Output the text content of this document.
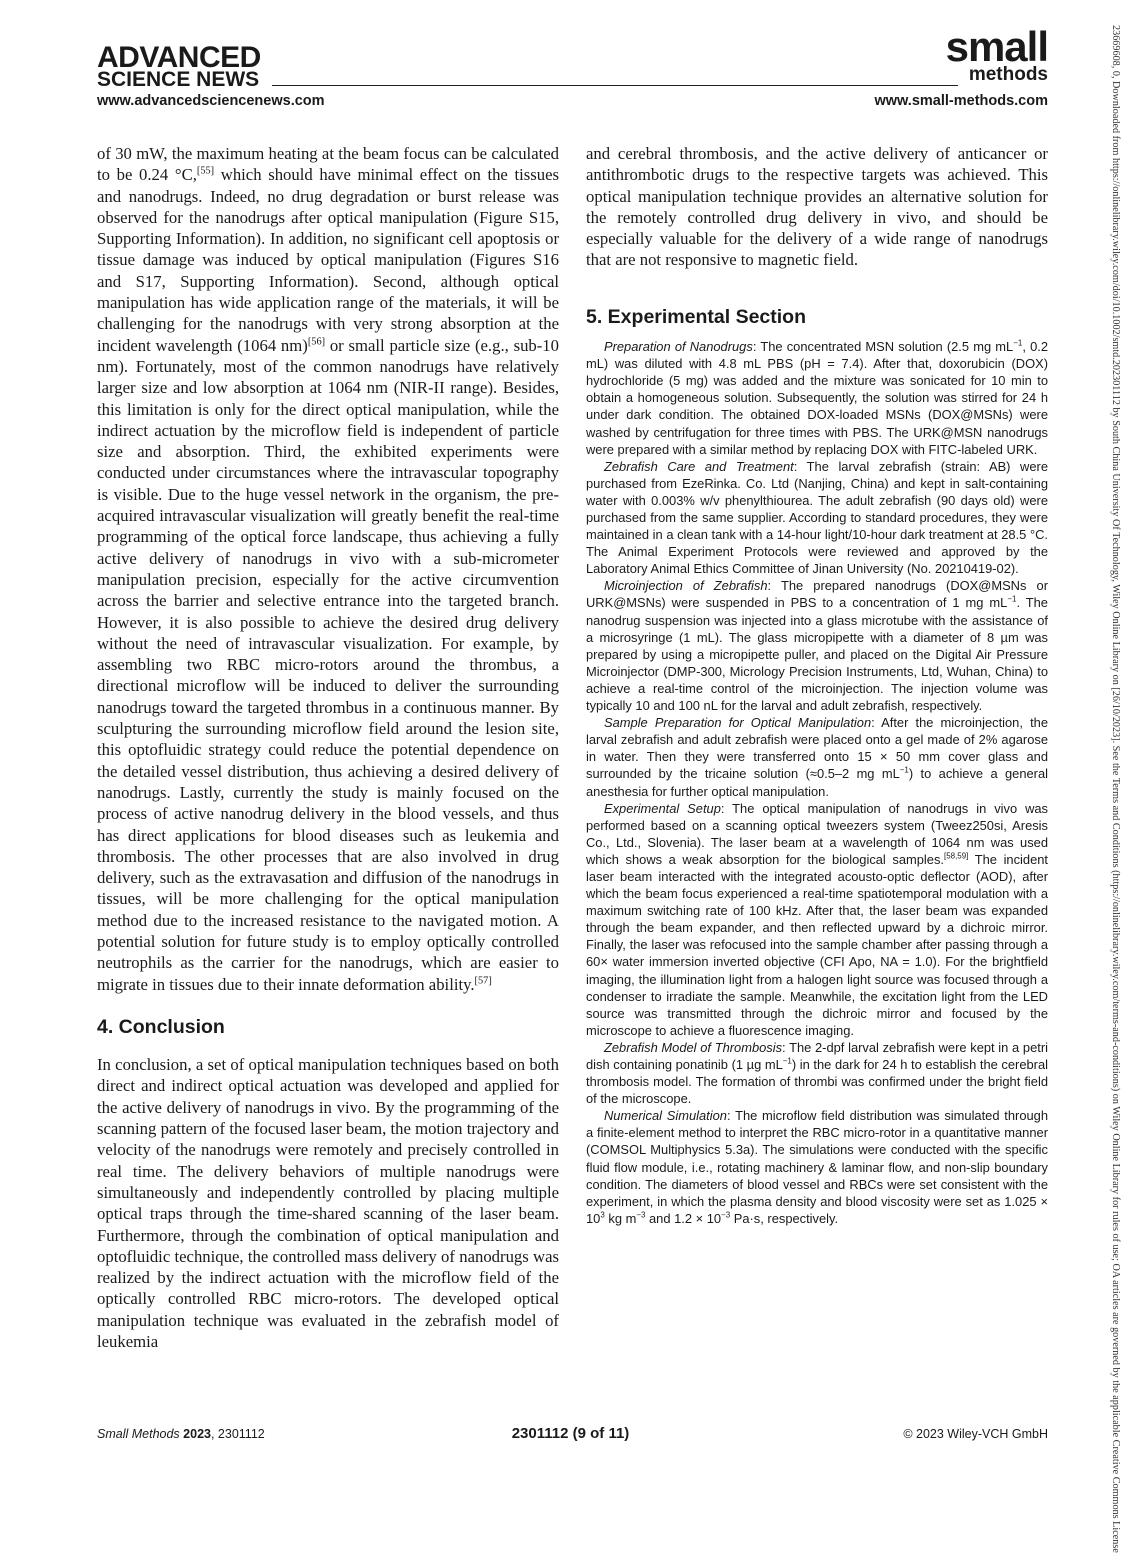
ADVANCED
SCIENCE NEWS
small
methods
www.advancedsciencenews.com	www.small-methods.com

of 30 mW, the maximum heating at the beam focus can be calculated to be 0.24 °C,[55] which should have minimal effect on the tissues and nanodrugs. Indeed, no drug degradation or burst release was observed for the nanodrugs after optical manipulation (Figure S15, Supporting Information). In addition, no significant cell apoptosis or tissue damage was induced by optical manipulation (Figures S16 and S17, Supporting Information). Second, although optical manipulation has wide application range of the materials, it will be challenging for the nanodrugs with very strong absorption at the incident wavelength (1064 nm)[56] or small particle size (e.g., sub-10 nm). Fortunately, most of the common nanodrugs have relatively larger size and low absorption at 1064 nm (NIR-II range). Besides, this limitation is only for the direct optical manipulation, while the indirect actuation by the microflow field is independent of particle size and absorption. Third, the exhibited experiments were conducted under circumstances where the intravascular topography is visible. Due to the huge vessel network in the organism, the pre-acquired intravascular visualization will greatly benefit the real-time programming of the optical force landscape, thus achieving a fully active delivery of nanodrugs in vivo with a sub-micrometer manipulation precision, especially for the active circumvention across the barrier and selective entrance into the targeted branch. However, it is also possible to achieve the desired drug delivery without the need of intravascular visualization. For example, by assembling two RBC micro-rotors around the thrombus, a directional microflow will be induced to deliver the surrounding nanodrugs toward the targeted thrombus in a continuous manner. By sculpturing the surrounding microflow field around the lesion site, this optofluidic strategy could reduce the potential dependence on the detailed vessel distribution, thus achieving a desired delivery of nanodrugs. Lastly, currently the study is mainly focused on the process of active nanodrug delivery in the blood vessels, and thus has direct applications for blood diseases such as leukemia and thrombosis. The other processes that are also involved in drug delivery, such as the extravasation and diffusion of the nanodrugs in tissues, will be more challenging for the optical manipulation method due to the increased resistance to the navigated motion. A potential solution for future study is to employ optically controlled neutrophils as the carrier for the nanodrugs, which are easier to migrate in tissues due to their innate deformation ability.[57]

4. Conclusion

In conclusion, a set of optical manipulation techniques based on both direct and indirect optical actuation was developed and applied for the active delivery of nanodrugs in vivo. By the programming of the scanning pattern of the focused laser beam, the motion trajectory and velocity of the nanodrugs were remotely and precisely controlled in real time. The delivery behaviors of multiple nanodrugs were simultaneously and independently controlled by placing multiple optical traps through the time-shared scanning of the laser beam. Furthermore, through the combination of optical manipulation and optofluidic technique, the controlled mass delivery of nanodrugs was realized by the indirect actuation with the microflow field of the optically controlled RBC micro-rotors. The developed optical manipulation technique was evaluated in the zebrafish model of leukemia

and cerebral thrombosis, and the active delivery of anticancer or antithrombotic drugs to the respective targets was achieved. This optical manipulation technique provides an alternative solution for the remotely controlled drug delivery in vivo, and should be especially valuable for the delivery of a wide range of nanodrugs that are not responsive to magnetic field.

5. Experimental Section

Preparation of Nanodrugs: The concentrated MSN solution (2.5 mg $mL^{-1}$, 0.2 mL) was diluted with 4.8 mL PBS (pH = 7.4). After that, doxorubicin (DOX) hydrochloride (5 mg) was added and the mixture was sonicated for 10 min to obtain a homogeneous solution. Subsequently, the solution was stirred for 24 h under dark condition. The obtained DOX-loaded MSNs (DOX@MSNs) were washed by centrifugation for three times with PBS. The URK@MSN nanodrugs were prepared with a similar method by replacing DOX with FITC-labeled URK.

Zebrafish Care and Treatment: The larval zebrafish (strain: AB) were purchased from EzeRinka. Co. Ltd (Nanjing, China) and kept in salt-containing water with 0.003% w/v phenylthiourea. The adult zebrafish (90 days old) were purchased from the same supplier. According to standard procedures, they were maintained in a clean tank with a 14-hour light/10-hour dark treatment at 28.5 °C. The Animal Experiment Protocols were reviewed and approved by the Laboratory Animal Ethics Committee of Jinan University (No. 20210419-02).

Microinjection of Zebrafish: The prepared nanodrugs (DOX@MSNs or URK@MSNs) were suspended in PBS to a concentration of 1 mg $mL^{-1}$. The nanodrug suspension was injected into a glass microtube with the assistance of a microsyringe (1 mL). The glass micropipette with a diameter of 8 µm was prepared by using a micropipette puller, and placed on the Digital Air Pressure Microinjector (DMP-300, Micrology Precision Instruments, Ltd, Wuhan, China) to achieve a real-time control of the microinjection. The injection volume was typically 10 and 100 nL for the larval and adult zebrafish, respectively.

Sample Preparation for Optical Manipulation: After the microinjection, the larval zebrafish and adult zebrafish were placed onto a gel made of 2% agarose in water. Then they were transferred onto 15 × 50 mm cover glass and surrounded by the tricaine solution (≈0.5–2 mg $mL^{-1}$) to achieve a general anesthesia for further optical manipulation.

Experimental Setup: The optical manipulation of nanodrugs in vivo was performed based on a scanning optical tweezers system (Tweez250si, Aresis Co., Ltd., Slovenia). The laser beam at a wavelength of 1064 nm was used which shows a weak absorption for the biological samples.[58,59] The incident laser beam interacted with the integrated acousto-optic deflector (AOD), after which the beam focus experienced a real-time spatiotemporal modulation with a maximum switching rate of 100 kHz. After that, the laser beam was expanded through the beam expander, and then reflected upward by a dichroic mirror. Finally, the laser was refocused into the sample chamber after passing through a 60× water immersion inverted objective (CFI Apo, NA = 1.0). For the brightfield imaging, the illumination light from a halogen light source was focused through a condenser to irradiate the sample. Meanwhile, the excitation light from the LED source was transmitted through the dichroic mirror and focused by the microscope to achieve a fluorescence imaging.

Zebrafish Model of Thrombosis: The 2-dpf larval zebrafish were kept in a petri dish containing ponatinib (1 µg $mL^{-1}$) in the dark for 24 h to establish the cerebral thrombosis model. The formation of thrombi was confirmed under the bright field of the microscope.

Numerical Simulation: The microflow field distribution was simulated through a finite-element method to interpret the RBC micro-rotor in a quantitative manner (COMSOL Multiphysics 5.3a). The simulations were conducted with the specific fluid flow module, i.e., rotating machinery & laminar flow, and non-slip boundary condition. The diameters of blood vessel and RBCs were set consistent with the experiment, in which the plasma density and blood viscosity were set as $1.025 \times 10^3$ kg $m^{-3}$ and $1.2 \times 10^{-3}$ Pa·s, respectively.

Small Methods 2023, 2301112	2301112 (9 of 11)	© 2023 Wiley-VCH GmbH	23669608, 0, Downloaded from https://onlinelibrary.wiley.com/doi/10.1002/smtd.202301112 by South China University Of Technology, Wiley Online Library on [26/10/2023]. See the Terms and Conditions (https://onlinelibrary.wiley.com/terms-and-conditions) on Wiley Online Library for rules of use; OA articles are governed by the applicable Creative Commons License
